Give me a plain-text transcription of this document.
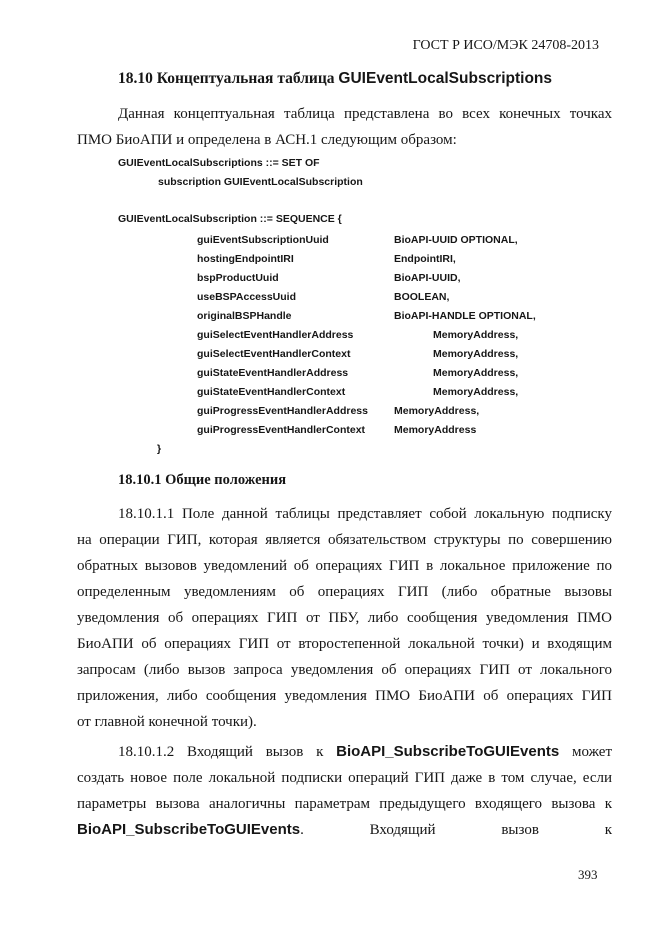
ГОСТ Р ИСО/МЭК 24708-2013
18.10 Концептуальная таблица GUIEventLocalSubscriptions
Данная концептуальная таблица представлена во всех конечных точках
ПМО БиоАПИ и определена в АСН.1 следующим образом:
GUIEventLocalSubscriptions ::= SET OF
subscription GUIEventLocalSubscription
GUIEventLocalSubscription ::= SEQUENCE {
guiEventSubscriptionUuid	BioAPI-UUID OPTIONAL,
hostingEndpointIRI	EndpointIRI,
bspProductUuid	BioAPI-UUID,
useBSPAccessUuid	BOOLEAN,
originalBSPHandle	BioAPI-HANDLE OPTIONAL,
guiSelectEventHandlerAddress	MemoryAddress,
guiSelectEventHandlerContext	MemoryAddress,
guiStateEventHandlerAddress	MemoryAddress,
guiStateEventHandlerContext	MemoryAddress,
guiProgressEventHandlerAddress MemoryAddress,
guiProgressEventHandlerContext	MemoryAddress
}
18.10.1 Общие положения
18.10.1.1 Поле данной таблицы представляет собой локальную подписку
на операции ГИП, которая является обязательством структуры по совершению
обратных вызовов уведомлений об операциях ГИП в локальное приложение по
определенным уведомлениям об операциях ГИП (либо обратные вызовы
уведомления об операциях ГИП от ПБУ, либо сообщения уведомления ПМО
БиоАПИ об операциях ГИП от второстепенной локальной точки) и входящим
запросам (либо вызов запроса уведомления об операциях ГИП от локального
приложения, либо сообщения уведомления ПМО БиоАПИ об операциях ГИП
от главной конечной точки).
18.10.1.2 Входящий вызов к BioAPI_SubscribeToGUIEvents может
создать новое поле локальной подписки операций ГИП даже в том случае, если
параметры вызова аналогичны параметрам предыдущего входящего вызова к
BioAPI_SubscribeToGUIEvents.	Входящий	вызов	к
393
